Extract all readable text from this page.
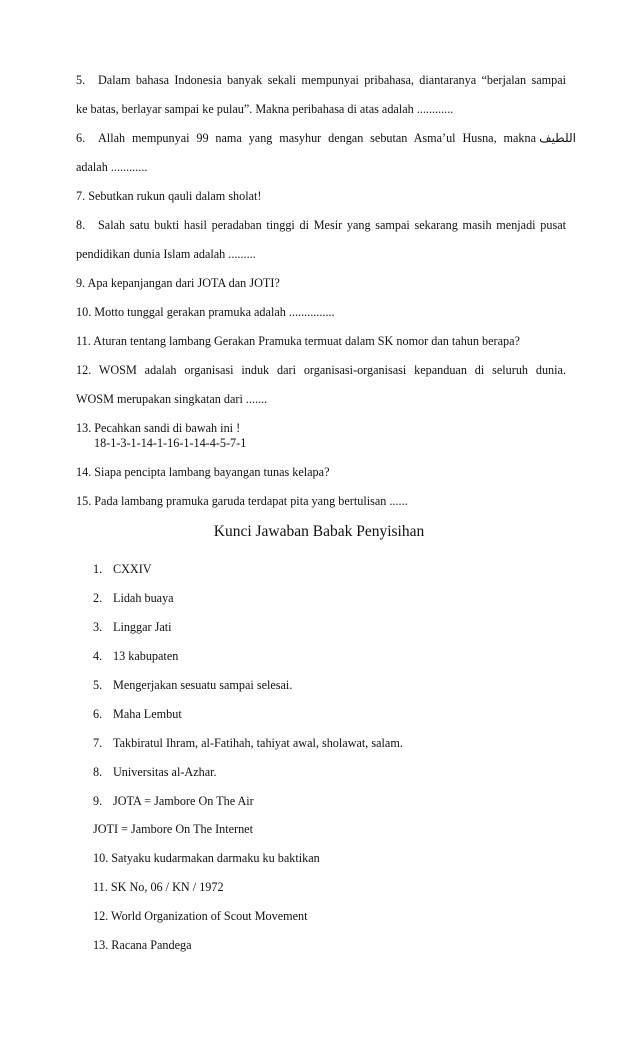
5. Dalam bahasa Indonesia banyak sekali mempunyai pribahasa, diantaranya “berjalan sampai
ke batas, berlayar sampai ke pulau”. Makna peribahasa di atas adalah ............
6. Allah mempunyai 99 nama yang masyhur dengan sebutan Asma’ul Husna, makna اللطيف
adalah ............
7. Sebutkan rukun qauli dalam sholat!
8. Salah satu bukti hasil peradaban tinggi di Mesir yang sampai sekarang masih menjadi pusat
pendidikan dunia Islam adalah .........
9. Apa kepanjangan dari JOTA dan JOTI?
10. Motto tunggal gerakan pramuka adalah ...............
11. Aturan tentang lambang Gerakan Pramuka termuat dalam SK nomor dan tahun berapa?
12. WOSM adalah organisasi induk dari organisasi-organisasi kepanduan di seluruh dunia.
WOSM merupakan singkatan dari .......
13. Pecahkan sandi di bawah ini !
18-1-3-1-14-1-16-1-14-4-5-7-1
14. Siapa pencipta lambang bayangan tunas kelapa?
15. Pada lambang pramuka garuda terdapat pita yang bertulisan ......
Kunci Jawaban Babak Penyisihan
1. CXXIV
2. Lidah buaya
3. Linggar Jati
4. 13 kabupaten
5. Mengerjakan sesuatu sampai selesai.
6. Maha Lembut
7. Takbiratul Ihram, al-Fatihah, tahiyat awal, sholawat, salam.
8. Universitas al-Azhar.
9. JOTA = Jambore On The Air
JOTI = Jambore On The Internet
10. Satyaku kudarmakan darmaku ku baktikan
11. SK No, 06 / KN / 1972
12. World Organization of Scout Movement
13. Racana Pandega
